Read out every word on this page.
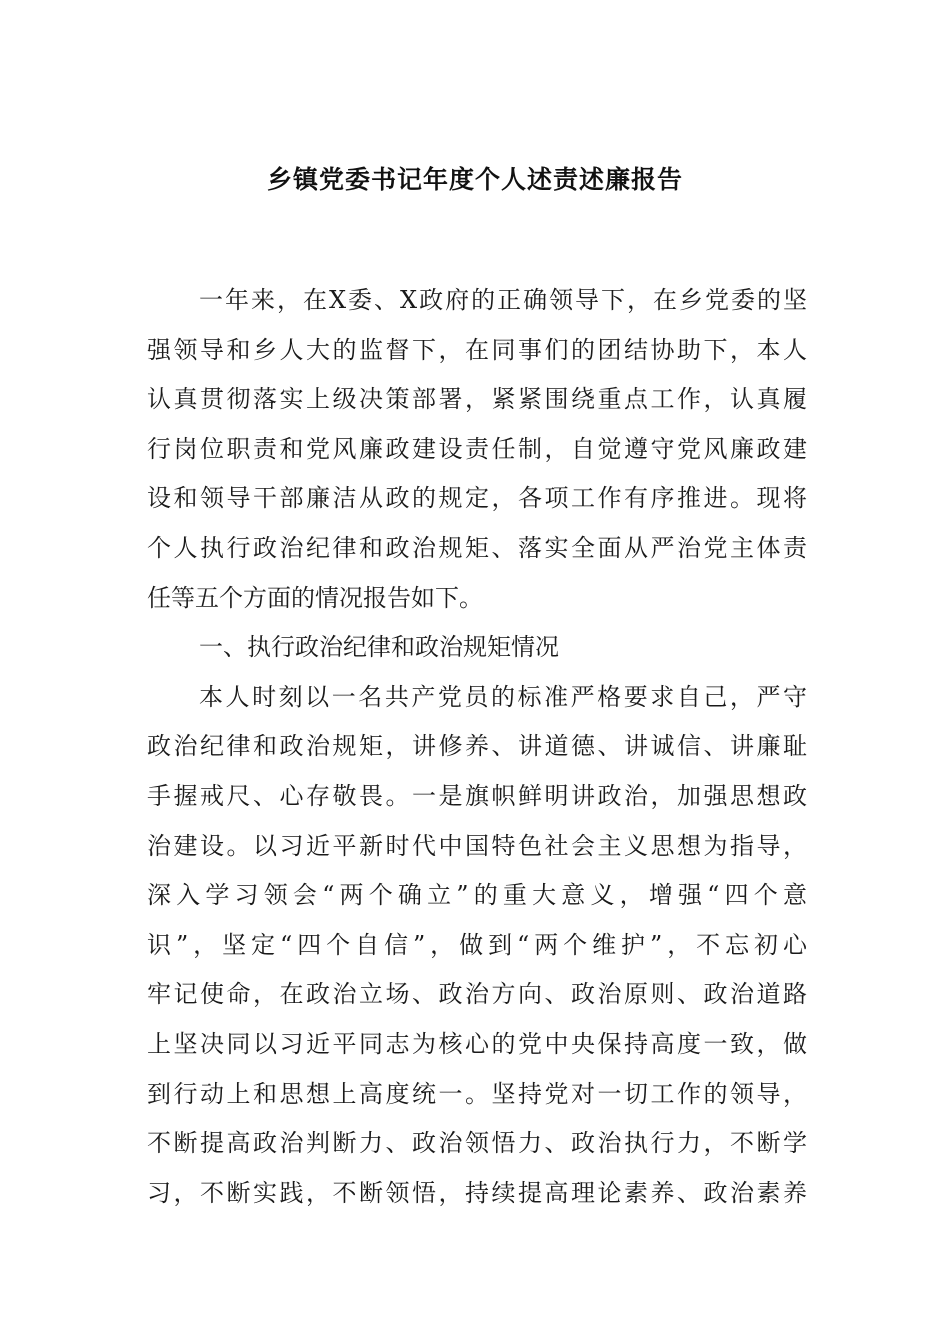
乡镇党委书记年度个人述责述廉报告
一年来，在X委、X政府的正确领导下，在乡党委的坚
强领导和乡人大的监督下，在同事们的团结协助下，本人
认真贯彻落实上级决策部署，紧紧围绕重点工作，认真履
行岗位职责和党风廉政建设责任制，自觉遵守党风廉政建
设和领导干部廉洁从政的规定，各项工作有序推进。现将
个人执行政治纪律和政治规矩、落实全面从严治党主体责
任等五个方面的情况报告如下。
一、执行政治纪律和政治规矩情况
本人时刻以一名共产党员的标准严格要求自己，严守
政治纪律和政治规矩，讲修养、讲道德、讲诚信、讲廉耻
手握戒尺、心存敬畏。一是旗帜鲜明讲政治，加强思想政
治建设。以习近平新时代中国特色社会主义思想为指导，
深入学习领会“两个确立”的重大意义，增强“四个意
识”，坚定“四个自信”，做到“两个维护”，不忘初心
牢记使命，在政治立场、政治方向、政治原则、政治道路
上坚决同以习近平同志为核心的党中央保持高度一致，做
到行动上和思想上高度统一。坚持党对一切工作的领导，
不断提高政治判断力、政治领悟力、政治执行力，不断学
习，不断实践，不断领悟，持续提高理论素养、政治素养
